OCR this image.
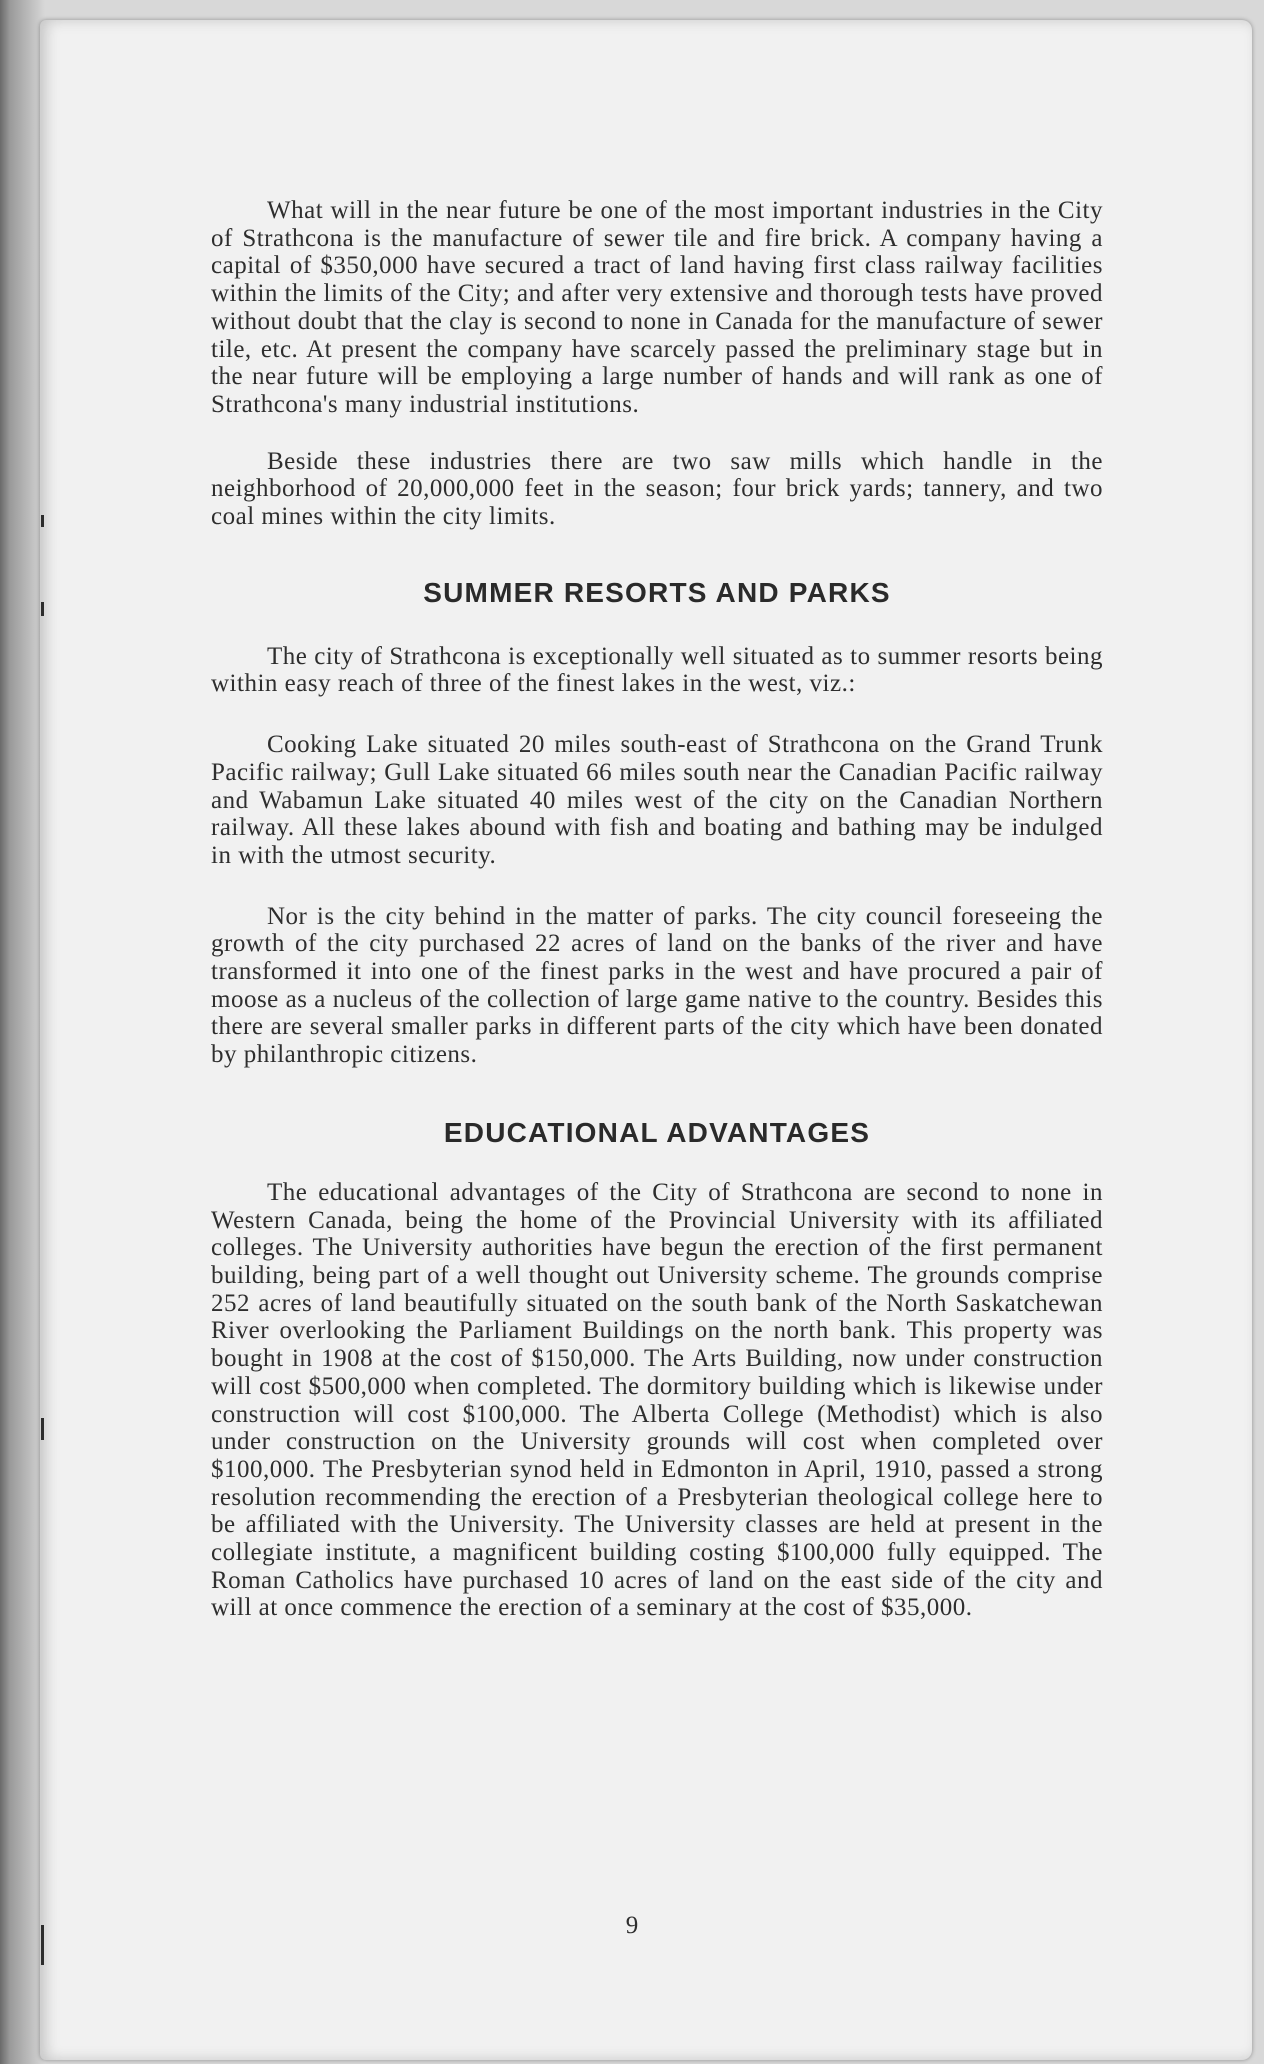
What will in the near future be one of the most important industries in the City of Strathcona is the manufacture of sewer tile and fire brick. A company having a capital of $350,000 have secured a tract of land having first class railway facilities within the limits of the City; and after very extensive and thorough tests have proved without doubt that the clay is second to none in Canada for the manufacture of sewer tile, etc. At present the company have scarcely passed the preliminary stage but in the near future will be employing a large number of hands and will rank as one of Strathcona's many industrial institutions.

Beside these industries there are two saw mills which handle in the neighborhood of 20,000,000 feet in the season; four brick yards; tannery, and two coal mines within the city limits.

SUMMER RESORTS AND PARKS

The city of Strathcona is exceptionally well situated as to summer resorts being within easy reach of three of the finest lakes in the west, viz.:

Cooking Lake situated 20 miles south-east of Strathcona on the Grand Trunk Pacific railway; Gull Lake situated 66 miles south near the Canadian Pacific railway and Wabamun Lake situated 40 miles west of the city on the Canadian Northern railway. All these lakes abound with fish and boating and bathing may be indulged in with the utmost security.

Nor is the city behind in the matter of parks. The city council foreseeing the growth of the city purchased 22 acres of land on the banks of the river and have transformed it into one of the finest parks in the west and have procured a pair of moose as a nucleus of the collection of large game native to the country. Besides this there are several smaller parks in different parts of the city which have been donated by philanthropic citizens.

EDUCATIONAL ADVANTAGES

The educational advantages of the City of Strathcona are second to none in Western Canada, being the home of the Provincial University with its affiliated colleges. The University authorities have begun the erection of the first permanent building, being part of a well thought out University scheme. The grounds comprise 252 acres of land beautifully situated on the south bank of the North Saskatchewan River overlooking the Parliament Buildings on the north bank. This property was bought in 1908 at the cost of $150,000. The Arts Building, now under construction will cost $500,000 when completed. The dormitory building which is likewise under construction will cost $100,000. The Alberta College (Methodist) which is also under construction on the University grounds will cost when completed over $100,000. The Presbyterian synod held in Edmonton in April, 1910, passed a strong resolution recommending the erection of a Presbyterian theological college here to be affiliated with the University. The University classes are held at present in the collegiate institute, a magnificent building costing $100,000 fully equipped. The Roman Catholics have purchased 10 acres of land on the east side of the city and will at once commence the erection of a seminary at the cost of $35,000.

9
